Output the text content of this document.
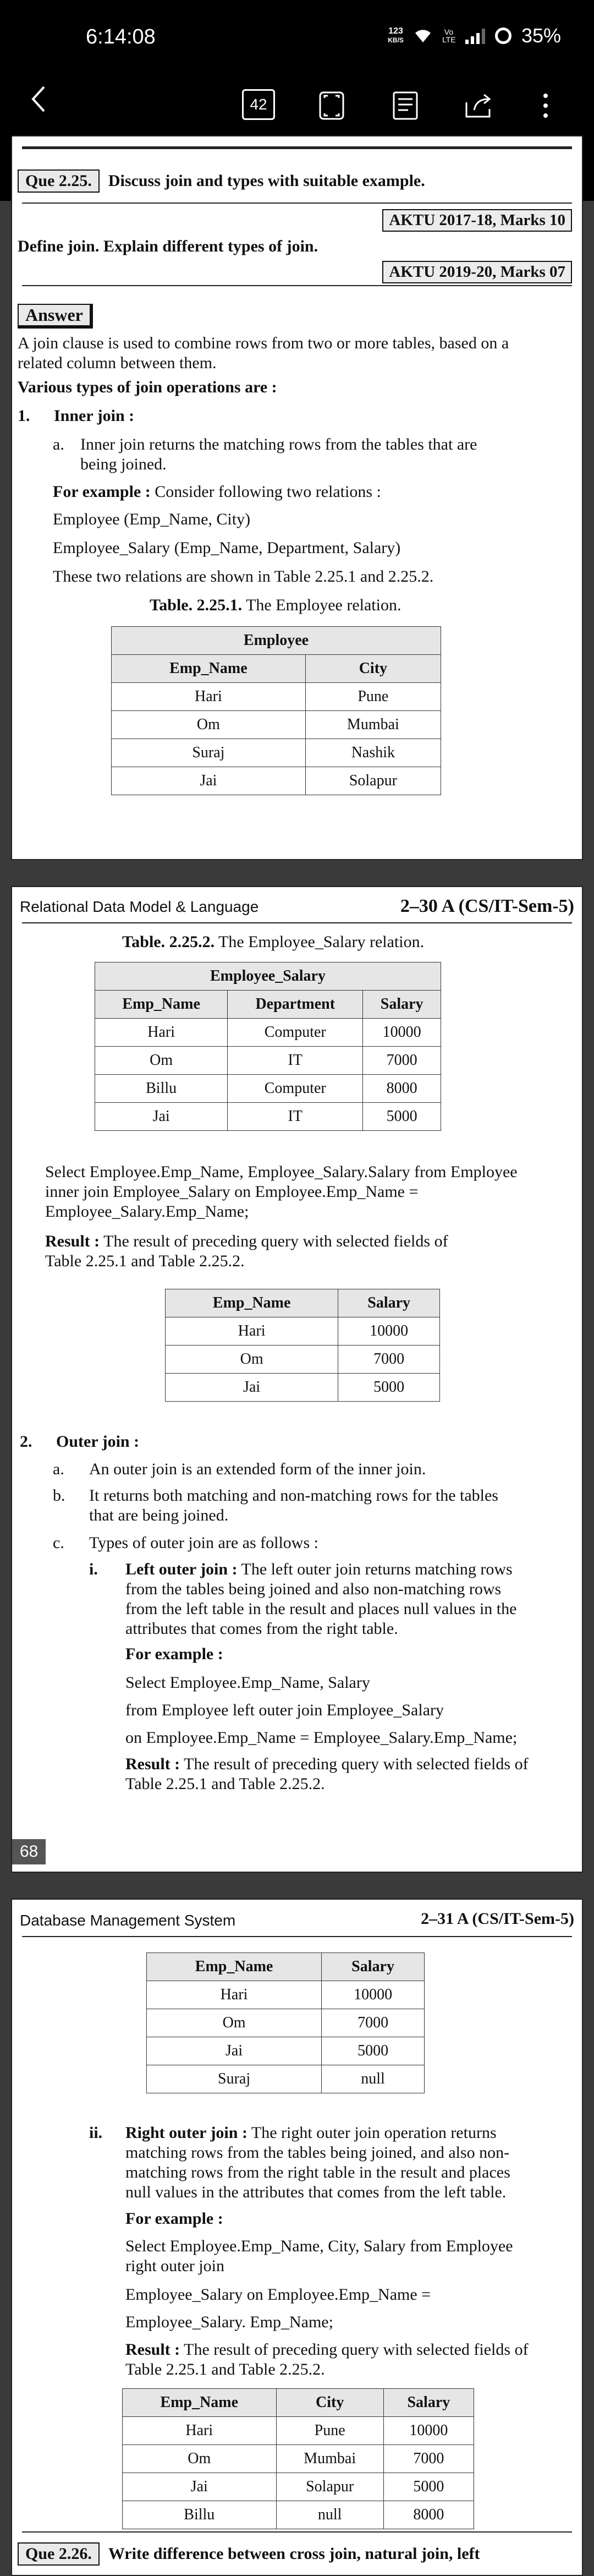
6:14:08	123
KB/S
Vo LTE	35%
42
Que 2.25.	Discuss join and types with suitable example.
AKTU 2017-18, Marks 10
Define join. Explain different types of join.
AKTU 2019-20, Marks 07
Answer
A join clause is used to combine rows from two or more tables, based on a
related column between them.
Various types of join operations are :
1. Inner join :
a. Inner join returns the matching rows from the tables that are
being joined.
For example : Consider following two relations :
Employee (Emp_Name, City)
Employee_Salary (Emp_Name, Department, Salary)
These two relations are shown in Table 2.25.1 and 2.25.2.
Table. 2.25.1. The Employee relation.
Employee	
Emp_Name	City
Hari	Pune
Om	Mumbai
Suraj	Nashik
Jai	Solapur
Relational Data Model & Language	2–30 A (CS/IT-Sem-5)
Table. 2.25.2. The Employee_Salary relation.
Employee_Salary		
Emp_Name	Department	Salary
Hari	Computer	10000
Om	IT	7000
Billu	Computer	8000
Jai	IT	5000
Select Employee.Emp_Name, Employee_Salary.Salary from Employee
inner join Employee_Salary on Employee.Emp_Name =
Employee_Salary.Emp_Name;
Result : The result of preceding query with selected fields of
Table 2.25.1 and Table 2.25.2.
Emp_Name	Salary
Hari	10000
Om	7000
Jai	5000
2. Outer join :
a. An outer join is an extended form of the inner join.
b. It returns both matching and non-matching rows for the tables
that are being joined.
c. Types of outer join are as follows :
i. Left outer join : The left outer join returns matching rows
from the tables being joined and also non-matching rows
from the left table in the result and places null values in the
attributes that comes from the right table.
For example :
Select Employee.Emp_Name, Salary
from Employee left outer join Employee_Salary
on Employee.Emp_Name = Employee_Salary.Emp_Name;
Result : The result of preceding query with selected fields of
Table 2.25.1 and Table 2.25.2.
68
Database Management System	2–31 A (CS/IT-Sem-5)
Emp_Name	Salary
Hari	10000
Om	7000
Jai	5000
Suraj	null
ii. Right outer join : The right outer join operation returns
matching rows from the tables being joined, and also non-
matching rows from the right table in the result and places
null values in the attributes that comes from the left table.
For example :
Select Employee.Emp_Name, City, Salary from Employee
right outer join
Employee_Salary on Employee.Emp_Name =
Employee_Salary. Emp_Name;
Result : The result of preceding query with selected fields of
Table 2.25.1 and Table 2.25.2.
Emp_Name	City	Salary
Hari	Pune	10000
Om	Mumbai	7000
Jai	Solapur	5000
Billu	null	8000
Que 2.26.	Write difference between cross join, natural join, left
